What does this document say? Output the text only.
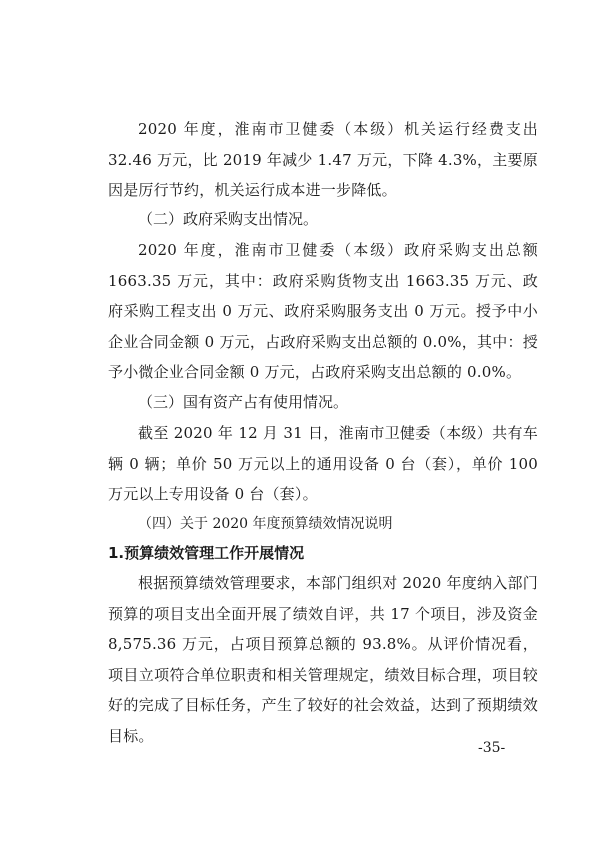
2020 年度，淮南市卫健委（本级）机关运行经费支出 32.46 万元，比 2019 年减少 1.47 万元，下降 4.3%，主要原因是厉行节约，机关运行成本进一步降低。

（二）政府采购支出情况。

2020 年度，淮南市卫健委（本级）政府采购支出总额 1663.35 万元，其中：政府采购货物支出 1663.35 万元、政府采购工程支出 0 万元、政府采购服务支出 0 万元。授予中小企业合同金额 0 万元，占政府采购支出总额的 0.0%，其中：授予小微企业合同金额 0 万元，占政府采购支出总额的 0.0%。

（三）国有资产占有使用情况。

截至 2020 年 12 月 31 日，淮南市卫健委（本级）共有车辆 0 辆；单价 50 万元以上的通用设备 0 台（套），单价 100 万元以上专用设备 0 台（套）。

（四）关于 2020 年度预算绩效情况说明

1.预算绩效管理工作开展情况

根据预算绩效管理要求，本部门组织对 2020 年度纳入部门预算的项目支出全面开展了绩效自评，共 17 个项目，涉及资金 8,575.36 万元，占项目预算总额的 93.8%。从评价情况看，项目立项符合单位职责和相关管理规定，绩效目标合理，项目较好的完成了目标任务，产生了较好的社会效益，达到了预期绩效目标。

-35-
